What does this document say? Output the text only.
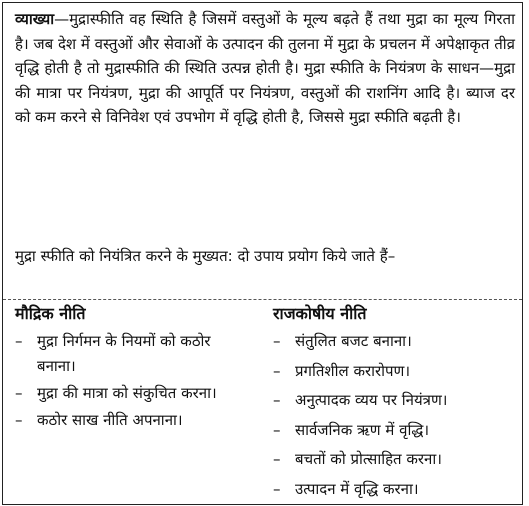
व्याख्या—मुद्रास्फीति वह स्थिति है जिसमें वस्तुओं के मूल्य बढ़ते हैं तथा मुद्रा का मूल्य गिरता है। जब देश में वस्तुओं और सेवाओं के उत्पादन की तुलना में मुद्रा के प्रचलन में अपेक्षाकृत तीव्र वृद्धि होती है तो मुद्रास्फीति की स्थिति उत्पन्न होती है। मुद्रा स्फीति के नियंत्रण के साधन—मुद्रा की मात्रा पर नियंत्रण, मुद्रा की आपूर्ति पर नियंत्रण, वस्तुओं की राशनिंग आदि है। ब्याज दर को कम करने से विनिवेश एवं उपभोग में वृद्धि होती है, जिससे मुद्रा स्फीति बढ़ती है।
मुद्रा स्फीति को नियंत्रित करने के मुख्यत: दो उपाय प्रयोग किये जाते हैं–
मौद्रिक नीति
– मुद्रा निर्गमन के नियमों को कठोर बनाना।
– मुद्रा की मात्रा को संकुचित करना।
– कठोर साख नीति अपनाना।
राजकोषीय नीति
– संतुलित बजट बनाना।
– प्रगतिशील करारोपण।
– अनुत्पादक व्यय पर नियंत्रण।
– सार्वजनिक ऋण में वृद्धि।
– बचतों को प्रोत्साहित करना।
– उत्पादन में वृद्धि करना।
